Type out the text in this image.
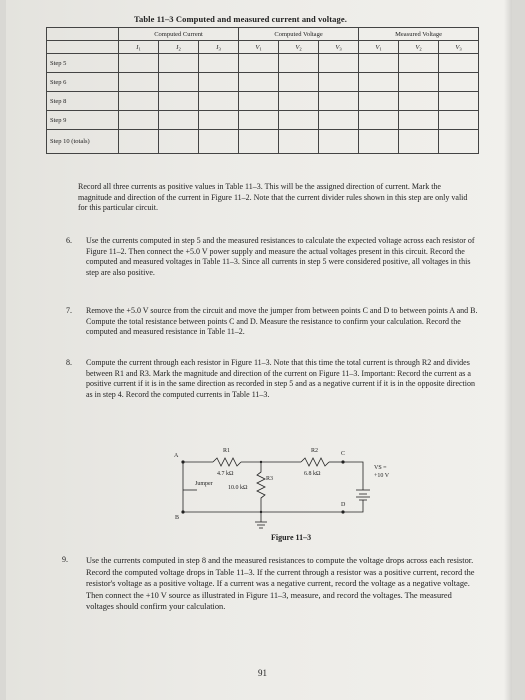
Table 11–3 Computed and measured current and voltage.
	Computed Current			Computed Voltage			Measured Voltage		
	$I_1$	$I_2$	$I_3$	$V_1$	$V_2$	$V_3$	$V_1$	$V_2$	$V_3$
Step 5									
Step 6									
Step 8									
Step 9									
Step 10 (totals)									
Record all three currents as positive values in Table 11–3. This will be the assigned direction of current. Mark the magnitude and direction of the current in Figure 11–2. Note that the current divider rules shown in this step are only valid for this particular circuit.
6. Use the currents computed in step 5 and the measured resistances to calculate the expected voltage across each resistor of Figure 11–2. Then connect the +5.0 V power supply and measure the actual voltages present in this circuit. Record the computed and measured voltages in Table 11–3. Since all currents in step 5 were considered positive, all voltages in this step are also positive.
7. Remove the +5.0 V source from the circuit and move the jumper from between points C and D to between points A and B. Compute the total resistance between points C and D. Measure the resistance to confirm your calculation. Record the computed and measured resistance in Table 11–2.
8. Compute the current through each resistor in Figure 11–3. Note that this time the total current is through R2 and divides between R1 and R3. Mark the magnitude and direction of the current on Figure 11–3. Important: Record the current as a positive current if it is in the same direction as recorded in step 5 and as a negative current if it is in the opposite direction as in step 4. Record the computed currents in Table 11–3.
A
B
C
D
R1	R2
R3
4.7 kΩ	6.8 kΩ
10.0 kΩ
Jumper
VS =
+10 V
Figure 11–3
9. Use the currents computed in step 8 and the measured resistances to compute the voltage drops across each resistor. Record the computed voltage drops in Table 11–3. If the current through a resistor was a positive current, record the resistor's voltage as a positive voltage. If a current was a negative current, record the voltage as a negative voltage. Then connect the +10 V source as illustrated in Figure 11–3, measure, and record the voltages. The measured voltages should confirm your calculation.
91
